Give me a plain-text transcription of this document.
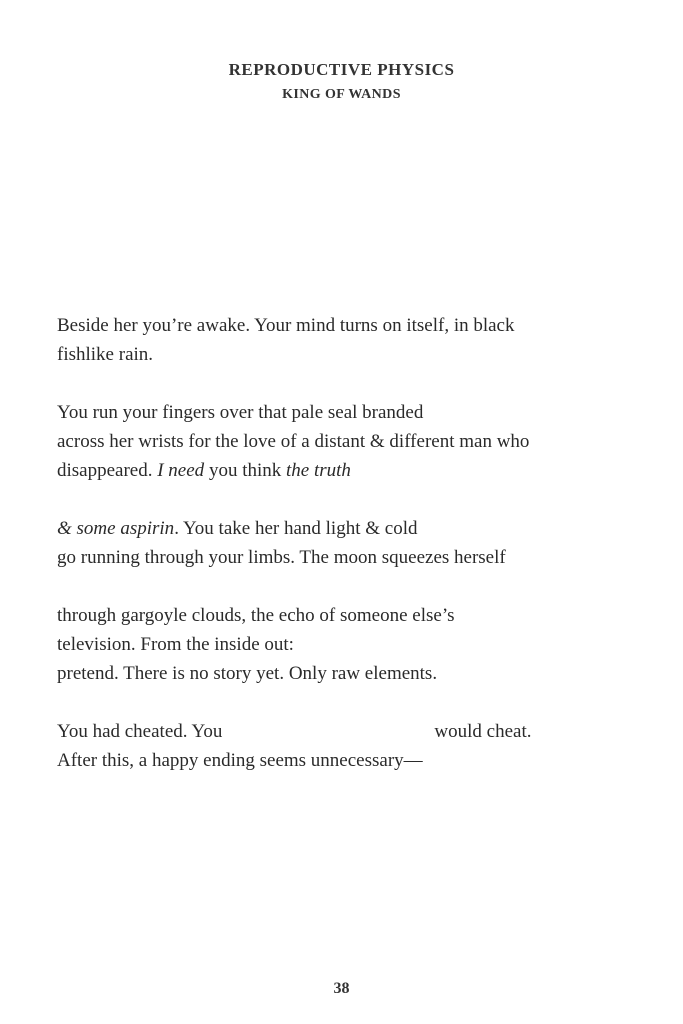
REPRODUCTIVE PHYSICS
KING OF WANDS
Beside her you’re awake. Your mind turns on itself, in black
fishlike rain.
You run your fingers over that pale seal branded
across her wrists for the love of a distant & different man who
disappeared. I need you think the truth
& some aspirin. You take her hand light & cold
go running through your limbs. The moon squeezes herself
through gargoyle clouds, the echo of someone else’s
television. From the inside out:
pretend. There is no story yet. Only raw elements.
You had cheated. You	would cheat.
After this, a happy ending seems unnecessary—
38
